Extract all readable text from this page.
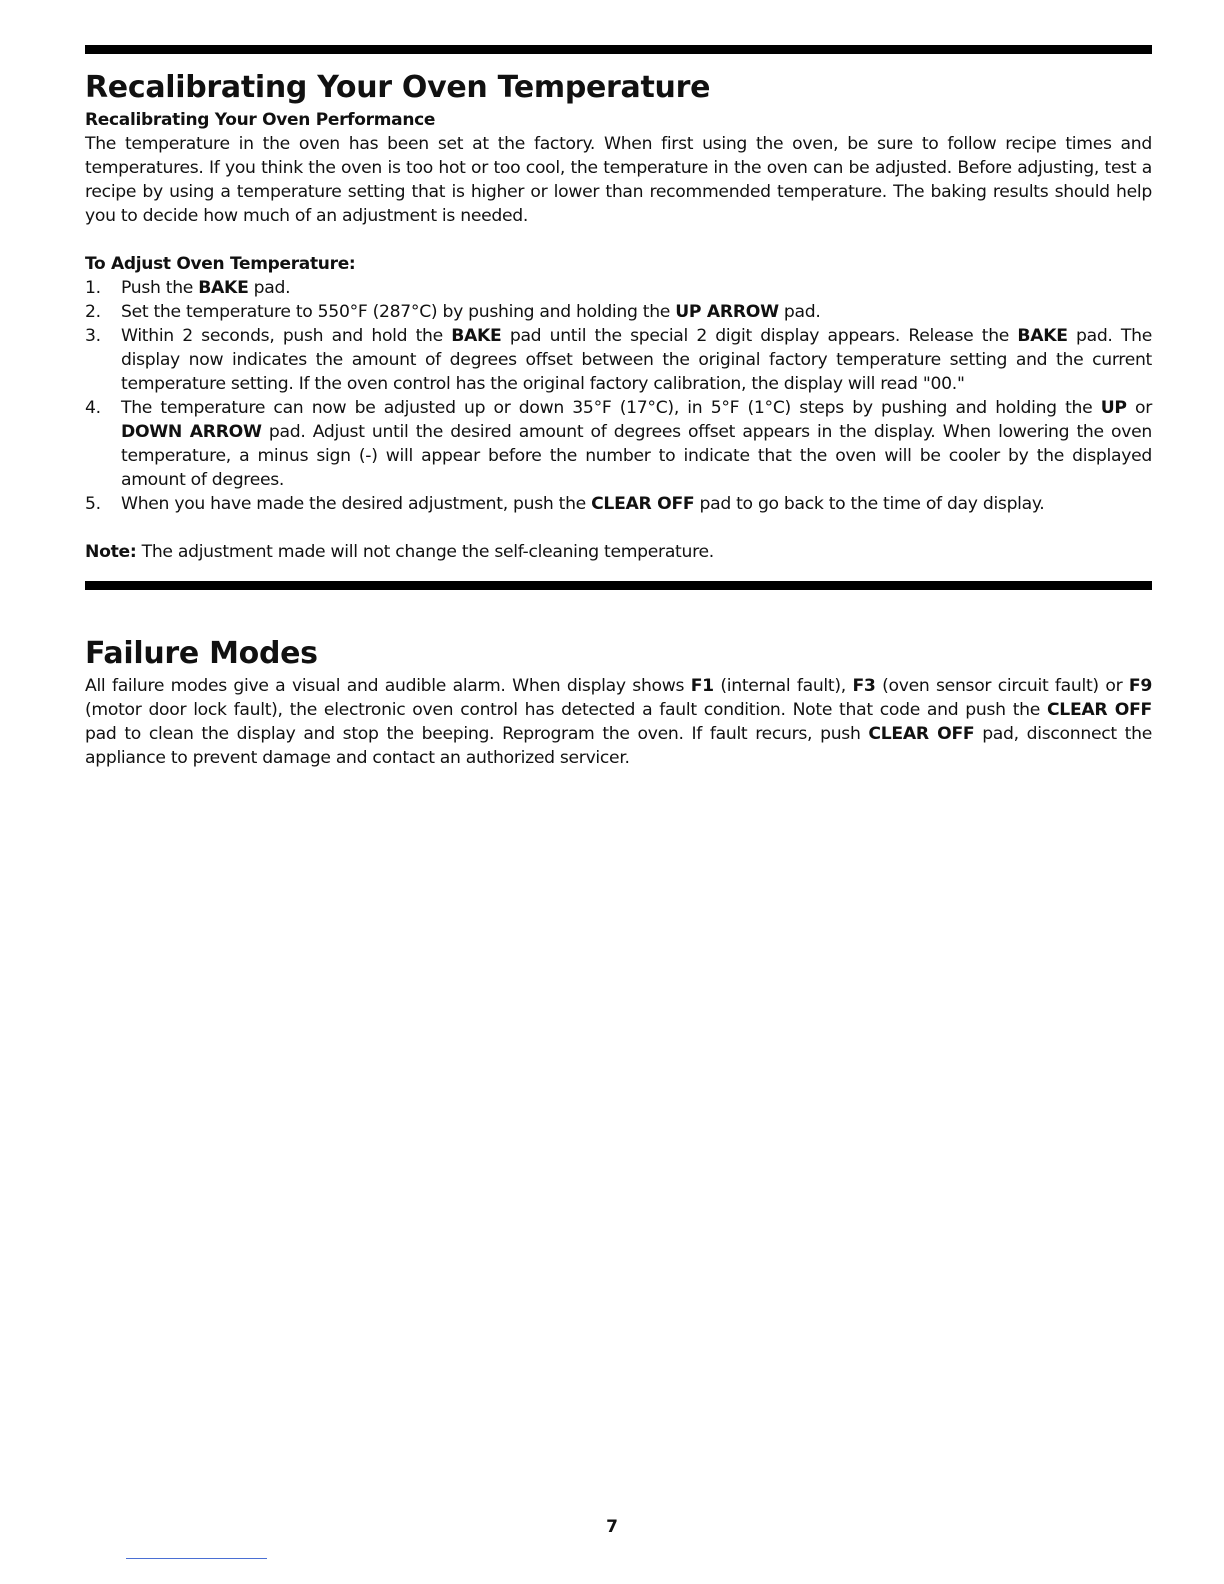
Recalibrating Your Oven Temperature
Recalibrating Your Oven Performance

The temperature in the oven has been set at the factory. When first using the oven, be sure to follow recipe times and temperatures. If you think the oven is too hot or too cool, the temperature in the oven can be adjusted. Before adjusting, test a recipe by using a temperature setting that is higher or lower than recommended temperature. The baking results should help you to decide how much of an adjustment is needed.

To Adjust Oven Temperature:
1. Push the BAKE pad.
2. Set the temperature to 550°F (287°C) by pushing and holding the UP ARROW pad.
3. Within 2 seconds, push and hold the BAKE pad until the special 2 digit display appears. Release the BAKE pad. The display now indicates the amount of degrees offset between the original factory temperature setting and the current temperature setting. If the oven control has the original factory calibration, the display will read "00."
4. The temperature can now be adjusted up or down 35°F (17°C), in 5°F (1°C) steps by pushing and holding the UP or DOWN ARROW pad. Adjust until the desired amount of degrees offset appears in the display. When lowering the oven temperature, a minus sign (-) will appear before the number to indicate that the oven will be cooler by the displayed amount of degrees.
5. When you have made the desired adjustment, push the CLEAR OFF pad to go back to the time of day display.

Note: The adjustment made will not change the self-cleaning temperature.

Failure Modes

All failure modes give a visual and audible alarm. When display shows F1 (internal fault), F3 (oven sensor circuit fault) or F9 (motor door lock fault), the electronic oven control has detected a fault condition. Note that code and push the CLEAR OFF pad to clean the display and stop the beeping. Reprogram the oven. If fault recurs, push CLEAR OFF pad, disconnect the appliance to prevent damage and contact an authorized servicer.

7
